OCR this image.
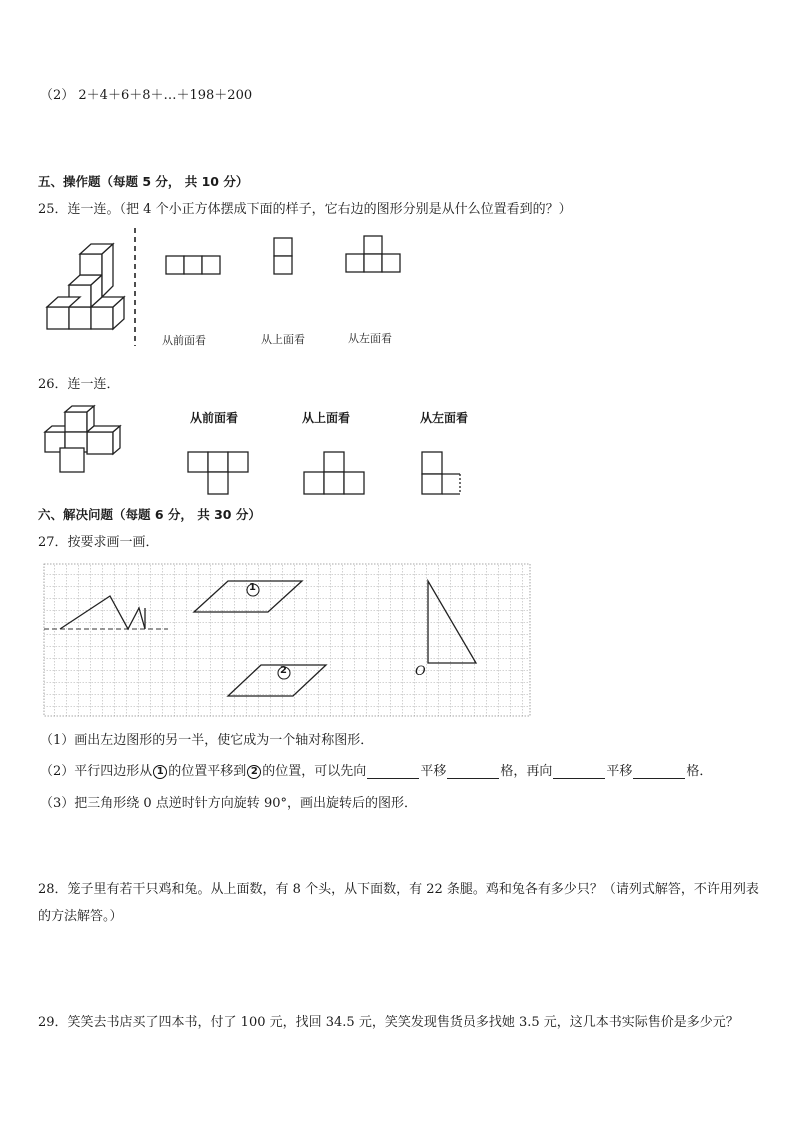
（2） 2＋4＋6＋8＋…＋198＋200
五、操作题（每题 5 分， 共 10 分）
25．连一连。（把 4 个小正方体摆成下面的样子，它右边的图形分别是从什么位置看到的？）
从前面看	从上面看	从左面看
26．连一连．
从前面看	从上面看	从左面看
六、解决问题（每题 6 分， 共 30 分）
27．按要求画一画．
1
2	O
（1）画出左边图形的另一半，使它成为一个轴对称图形．
（2）平行四边形从 1 的位置平移到 2 的位置，可以先向	平移	格，再向	平移	格．
（3）把三角形绕 0 点逆时针方向旋转 90°，画出旋转后的图形．
28．笼子里有若干只鸡和兔。从上面数，有 8 个头，从下面数，有 22 条腿。鸡和兔各有多少只？（请列式解答，不许用列表的方法解答。）
29．笑笑去书店买了四本书，付了 100 元，找回 34.5 元，笑笑发现售货员多找她 3.5 元，这几本书实际售价是多少元？
